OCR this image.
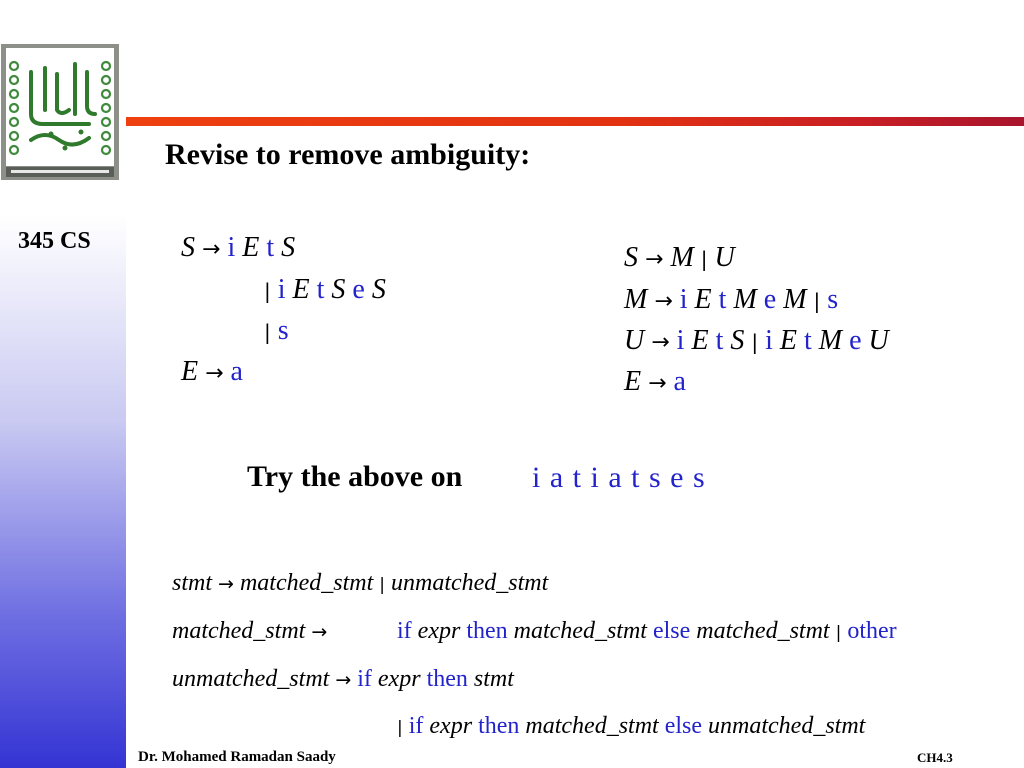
345 CS
Revise to remove ambiguity:
S → i E t S
| i E t S e S
| s
E → a
S → M | U
M → i E t M e M | s
U → i E t S | i E t M e U
E → a
Try the above on i a t i a t s e s
stmt → matched_stmt | unmatched_stmt
matched_stmt →	if expr then matched_stmt else matched_stmt | other
unmatched_stmt → if expr then stmt
| if expr then matched_stmt else unmatched_stmt
Dr. Mohamed Ramadan Saady	CH4.3
